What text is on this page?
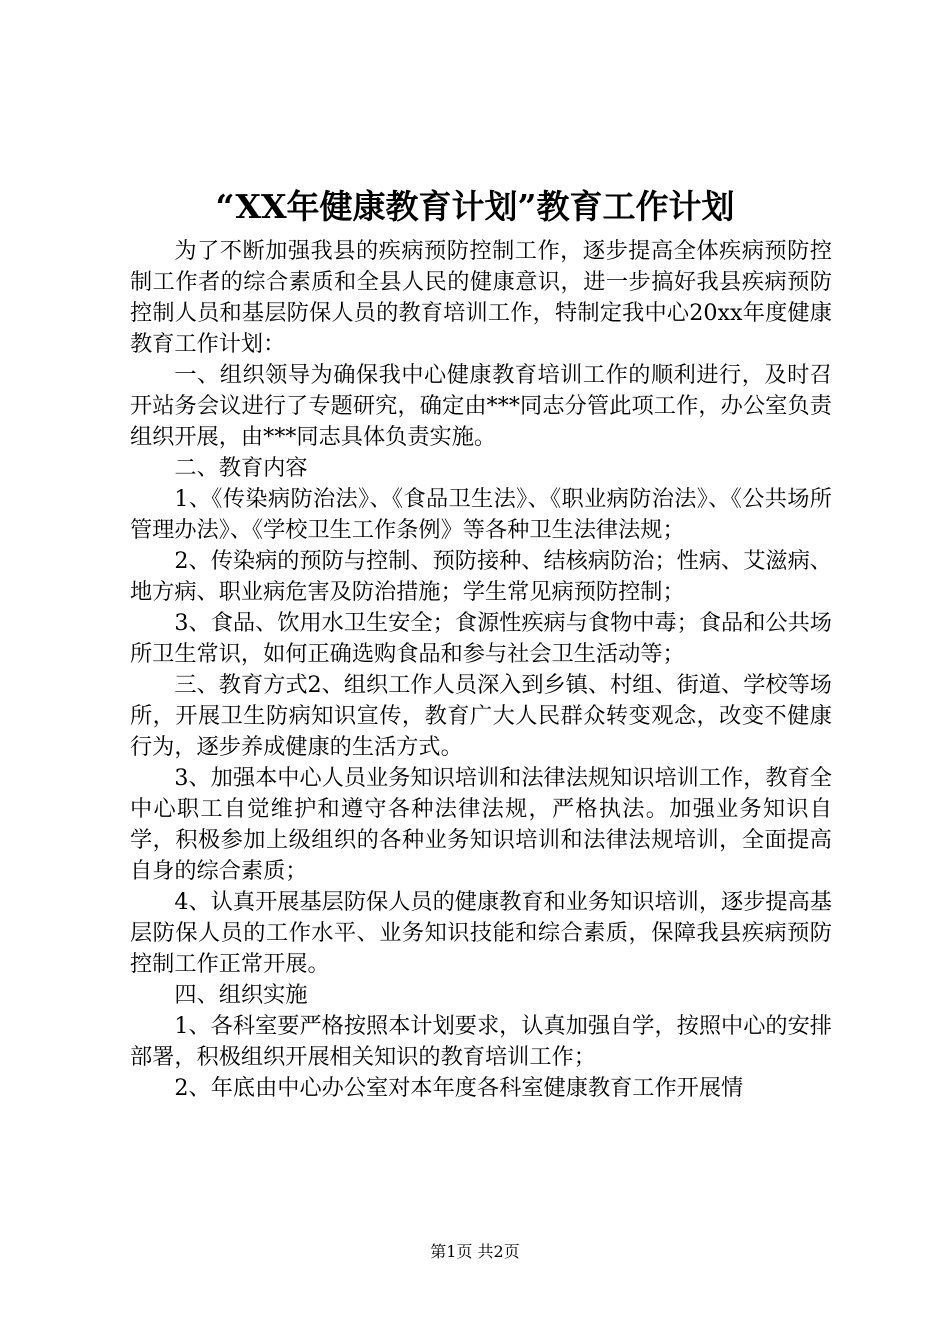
“XX年健康教育计划”教育工作计划

为了不断加强我县的疾病预防控制工作，逐步提高全体疾病预防控制工作者的综合素质和全县人民的健康意识，进一步搞好我县疾病预防控制人员和基层防保人员的教育培训工作，特制定我中心20xx年度健康教育工作计划：

一、组织领导为确保我中心健康教育培训工作的顺利进行，及时召开站务会议进行了专题研究，确定由***同志分管此项工作，办公室负责组织开展，由***同志具体负责实施。

二、教育内容

1、《传染病防治法》、《食品卫生法》、《职业病防治法》、《公共场所管理办法》、《学校卫生工作条例》等各种卫生法律法规；

2、传染病的预防与控制、预防接种、结核病防治；性病、艾滋病、地方病、职业病危害及防治措施；学生常见病预防控制；

3、食品、饮用水卫生安全；食源性疾病与食物中毒；食品和公共场所卫生常识，如何正确选购食品和参与社会卫生活动等；

三、教育方式2、组织工作人员深入到乡镇、村组、街道、学校等场所，开展卫生防病知识宣传，教育广大人民群众转变观念，改变不健康行为，逐步养成健康的生活方式。

3、加强本中心人员业务知识培训和法律法规知识培训工作，教育全中心职工自觉维护和遵守各种法律法规，严格执法。加强业务知识自学，积极参加上级组织的各种业务知识培训和法律法规培训，全面提高自身的综合素质；

4、认真开展基层防保人员的健康教育和业务知识培训，逐步提高基层防保人员的工作水平、业务知识技能和综合素质，保障我县疾病预防控制工作正常开展。

四、组织实施

1、各科室要严格按照本计划要求，认真加强自学，按照中心的安排部署，积极组织开展相关知识的教育培训工作；

2、年底由中心办公室对本年度各科室健康教育工作开展情

第1页 共2页
